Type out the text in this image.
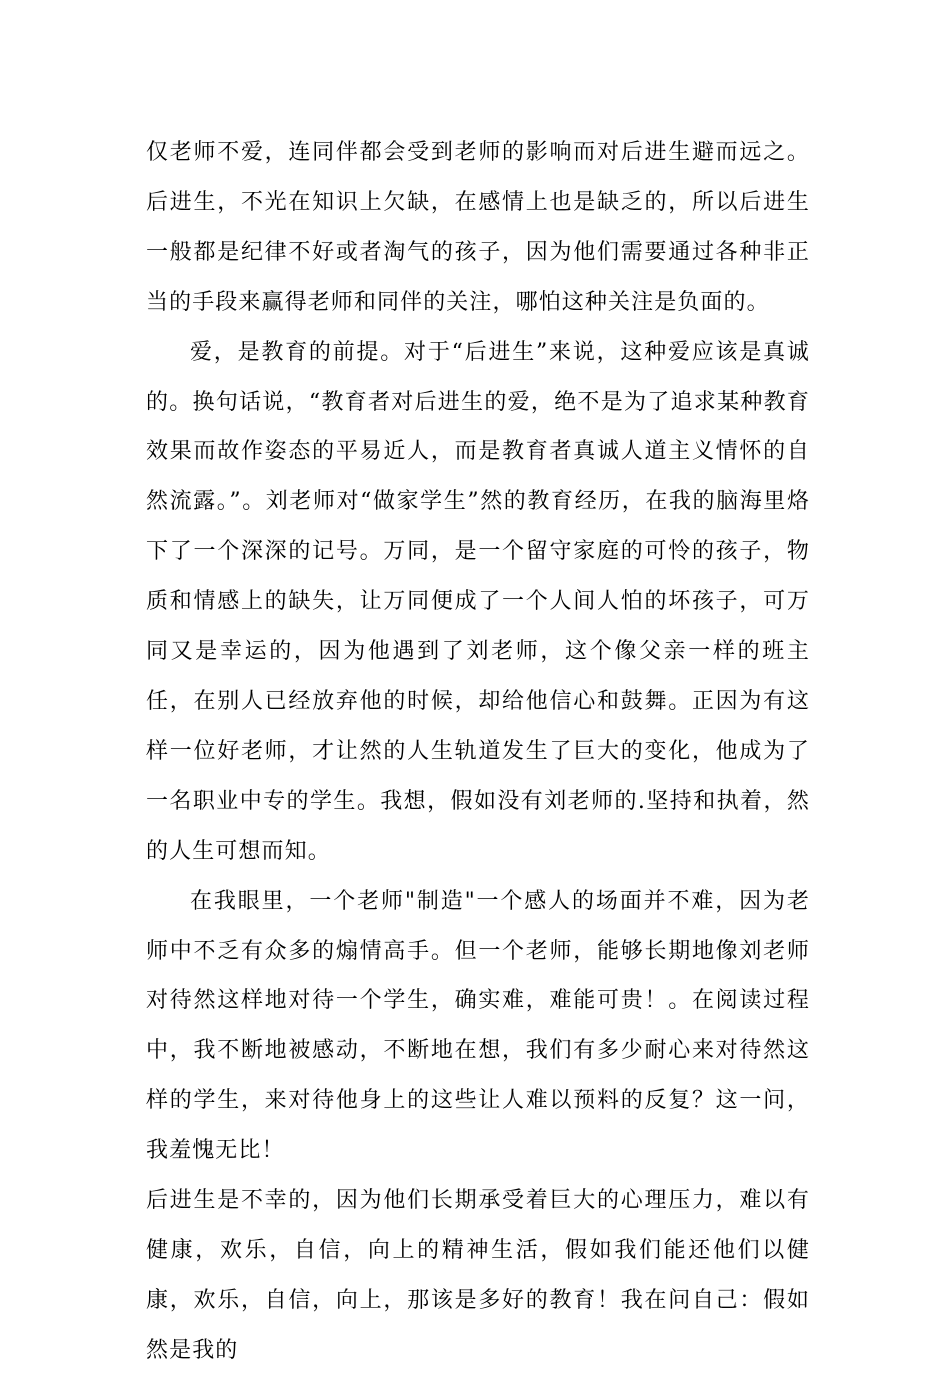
仅老师不爱，连同伴都会受到老师的影响而对后进生避而远之。后进生，不光在知识上欠缺，在感情上也是缺乏的，所以后进生一般都是纪律不好或者淘气的孩子，因为他们需要通过各种非正当的手段来赢得老师和同伴的关注，哪怕这种关注是负面的。

爱，是教育的前提。对于“后进生”来说，这种爱应该是真诚的。换句话说，“教育者对后进生的爱，绝不是为了追求某种教育效果而故作姿态的平易近人，而是教育者真诚人道主义情怀的自然流露。”。刘老师对“做家学生”然的教育经历，在我的脑海里烙下了一个深深的记号。万同，是一个留守家庭的可怜的孩子，物质和情感上的缺失，让万同便成了一个人间人怕的坏孩子，可万同又是幸运的，因为他遇到了刘老师，这个像父亲一样的班主任，在别人已经放弃他的时候，却给他信心和鼓舞。正因为有这样一位好老师，才让然的人生轨道发生了巨大的变化，他成为了一名职业中专的学生。我想，假如没有刘老师的.坚持和执着，然的人生可想而知。

在我眼里，一个老师"制造"一个感人的场面并不难，因为老师中不乏有众多的煽情高手。但一个老师，能够长期地像刘老师对待然这样地对待一个学生，确实难，难能可贵！。在阅读过程中，我不断地被感动，不断地在想，我们有多少耐心来对待然这样的学生，来对待他身上的这些让人难以预料的反复？这一问，我羞愧无比！

后进生是不幸的，因为他们长期承受着巨大的心理压力，难以有健康，欢乐，自信，向上的精神生活，假如我们能还他们以健康，欢乐，自信，向上，那该是多好的教育！我在问自己：假如然是我的
